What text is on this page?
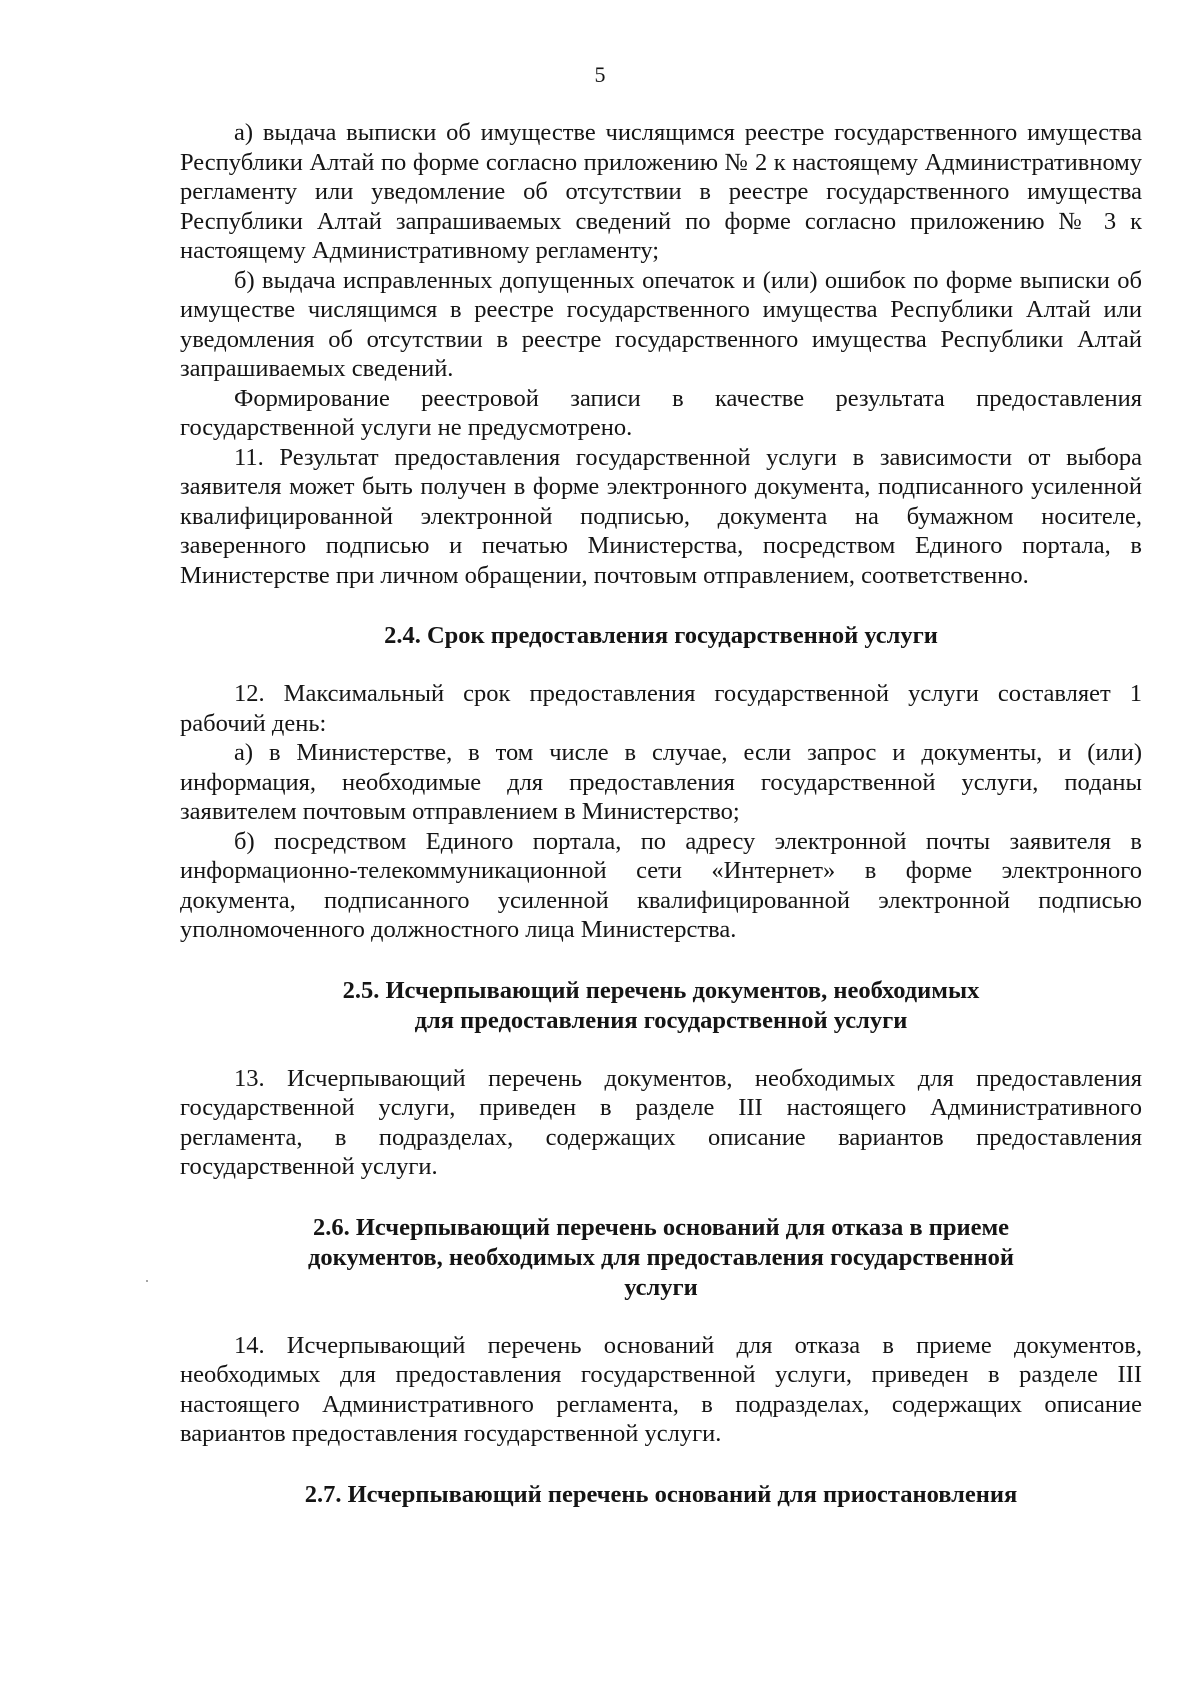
5

а) выдача выписки об имуществе числящимся реестре государственного имущества Республики Алтай по форме согласно приложению № 2 к настоящему Административному регламенту или уведомление об отсутствии в реестре государственного имущества Республики Алтай запрашиваемых сведений по форме согласно приложению № 3 к настоящему Административному регламенту;

б) выдача исправленных допущенных опечаток и (или) ошибок по форме выписки об имуществе числящимся в реестре государственного имущества Республики Алтай или уведомления об отсутствии в реестре государственного имущества Республики Алтай запрашиваемых сведений.

Формирование реестровой записи в качестве результата предоставления государственной услуги не предусмотрено.

11. Результат предоставления государственной услуги в зависимости от выбора заявителя может быть получен в форме электронного документа, подписанного усиленной квалифицированной электронной подписью, документа на бумажном носителе, заверенного подписью и печатью Министерства, посредством Единого портала, в Министерстве при личном обращении, почтовым отправлением, соответственно.

2.4. Срок предоставления государственной услуги

12. Максимальный срок предоставления государственной услуги составляет 1 рабочий день:

а) в Министерстве, в том числе в случае, если запрос и документы, и (или) информация, необходимые для предоставления государственной услуги, поданы заявителем почтовым отправлением в Министерство;

б) посредством Единого портала, по адресу электронной почты заявителя в информационно-телекоммуникационной сети «Интернет» в форме электронного документа, подписанного усиленной квалифицированной электронной подписью уполномоченного должностного лица Министерства.

2.5. Исчерпывающий перечень документов, необходимых
для предоставления государственной услуги

13. Исчерпывающий перечень документов, необходимых для предоставления государственной услуги, приведен в разделе III настоящего Административного регламента, в подразделах, содержащих описание вариантов предоставления государственной услуги.

2.6. Исчерпывающий перечень оснований для отказа в приеме
документов, необходимых для предоставления государственной
услуги

14. Исчерпывающий перечень оснований для отказа в приеме документов, необходимых для предоставления государственной услуги, приведен в разделе III настоящего Административного регламента, в подразделах, содержащих описание вариантов предоставления государственной услуги.

2.7. Исчерпывающий перечень оснований для приостановления
